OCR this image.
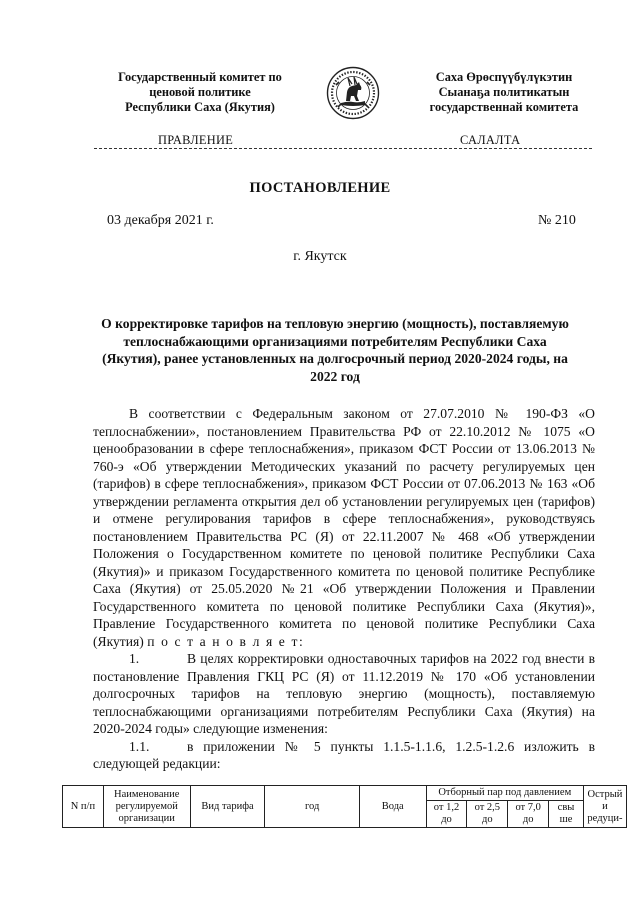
Государственный комитет по
ценовой политике
Республики Саха (Якутия)
Саха Өрөспүүбүлүкэтин
Сыанаҕа политикатын
государственнай комитета
ПРАВЛЕНИЕ	САЛАЛТА
ПОСТАНОВЛЕНИЕ
03 декабря 2021 г.	№ 210
г. Якутск
О корректировке тарифов на тепловую энергию (мощность), поставляемую теплоснабжающими организациями потребителям Республики Саха (Якутия), ранее установленных на долгосрочный период 2020-2024 годы, на 2022 год

В соответствии с Федеральным законом от 27.07.2010 № 190-ФЗ «О теплоснабжении», постановлением Правительства РФ от 22.10.2012 № 1075 «О ценообразовании в сфере теплоснабжения», приказом ФСТ России от 13.06.2013 № 760-э «Об утверждении Методических указаний по расчету регулируемых цен (тарифов) в сфере теплоснабжения», приказом ФСТ России от 07.06.2013 № 163 «Об утверждении регламента открытия дел об установлении регулируемых цен (тарифов) и отмене регулирования тарифов в сфере теплоснабжения», руководствуясь постановлением Правительства РС (Я) от 22.11.2007 № 468 «Об утверждении Положения о Государственном комитете по ценовой политике Республики Саха (Якутия)» и приказом Государственного комитета по ценовой политике Республике Саха (Якутия) от 25.05.2020 №21 «Об утверждении Положения и Правлении Государственного комитета по ценовой политике Республики Саха (Якутия)», Правление Государственного комитета по ценовой политике Республики Саха (Якутия) п о с т а н о в л я е т:

1.	В целях корректировки одноставочных тарифов на 2022 год внести в постановление Правления ГКЦ РС (Я) от 11.12.2019 № 170 «Об установлении долгосрочных тарифов на тепловую энергию (мощность), поставляемую теплоснабжающими организациями потребителям Республики Саха (Якутия) на 2020-2024 годы» следующие изменения:

1.1.	в приложении № 5 пункты 1.1.5-1.1.6, 1.2.5-1.2.6 изложить в следующей редакции:

N п/п	Наименование регулируемой организации	Вид тарифа	год	Вода	Отборный пар под давлением				Острый и редуци-
					от 1,2 до	от 2,5 до	от 7,0 до	свы ше	
